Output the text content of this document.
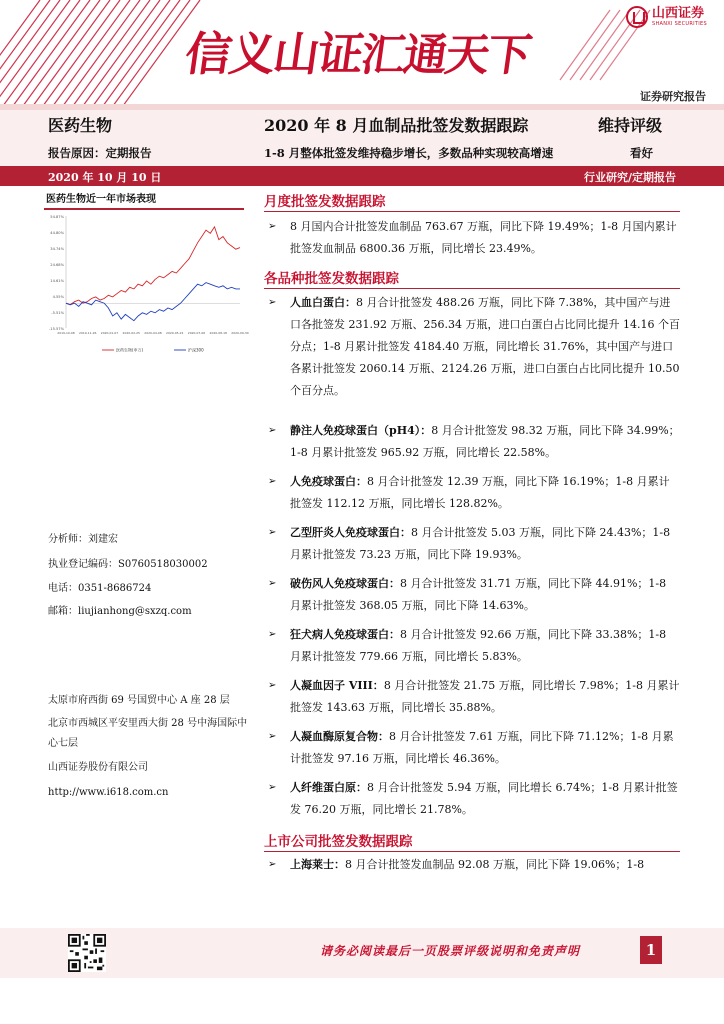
信义山证汇通天下
山西证券
SHANXI SECURITIES
证券研究报告
医药生物	2020 年 8 月血制品批签发数据跟踪	维持评级
报告原因：定期报告	1-8 月整体批签发维持稳步增长，多数品种实现较高增速	看好
2020 年 10 月 10 日	行业研究/定期报告
医药生物近一年市场表现
54.87%
44.80%
34.74%
24.68%
14.61%
4.55%
-5.51%
-15.57%
2019-10-08 2019-11-26 2020-01-07 2020-02-25 2020-04-08 2020-05-22 2020-07-06 2020-08-18 2020-09-30
医药生物(申万)	沪深300
分析师：刘建宏
执业登记编码：S0760518030002
电话：0351-8686724
邮箱：liujianhong@sxzq.com
太原市府西街 69 号国贸中心 A 座 28 层
北京市西城区平安里西大街 28 号中海国际中心七层
山西证券股份有限公司
http://www.i618.com.cn
月度批签发数据跟踪
➢	8 月国内合计批签发血制品 763.67 万瓶，同比下降 19.49%；1-8 月国内累计批签发血制品 6800.36 万瓶，同比增长 23.49%。
各品种批签发数据跟踪
➢	人血白蛋白：8 月合计批签发 488.26 万瓶，同比下降 7.38%，其中国产与进口各批签发 231.92 万瓶、256.34 万瓶，进口白蛋白占比同比提升 14.16 个百分点；1-8 月累计批签发 4184.40 万瓶，同比增长 31.76%，其中国产与进口各累计批签发 2060.14 万瓶、2124.26 万瓶，进口白蛋白占比同比提升 10.50 个百分点。
➢	静注人免疫球蛋白（pH4）：8 月合计批签发 98.32 万瓶，同比下降 34.99%；1-8 月累计批签发 965.92 万瓶，同比增长 22.58%。
➢	人免疫球蛋白：8 月合计批签发 12.39 万瓶，同比下降 16.19%；1-8 月累计批签发 112.12 万瓶，同比增长 128.82%。
➢	乙型肝炎人免疫球蛋白：8 月合计批签发 5.03 万瓶，同比下降 24.43%；1-8 月累计批签发 73.23 万瓶，同比下降 19.93%。
➢	破伤风人免疫球蛋白：8 月合计批签发 31.71 万瓶，同比下降 44.91%；1-8 月累计批签发 368.05 万瓶，同比下降 14.63%。
➢	狂犬病人免疫球蛋白：8 月合计批签发 92.66 万瓶，同比下降 33.38%；1-8 月累计批签发 779.66 万瓶，同比增长 5.83%。
➢	人凝血因子 VIII：8 月合计批签发 21.75 万瓶，同比增长 7.98%；1-8 月累计批签发 143.63 万瓶，同比增长 35.88%。
➢	人凝血酶原复合物：8 月合计批签发 7.61 万瓶，同比下降 71.12%；1-8 月累计批签发 97.16 万瓶，同比增长 46.36%。
➢	人纤维蛋白原：8 月合计批签发 5.94 万瓶，同比增长 6.74%；1-8 月累计批签发 76.20 万瓶，同比增长 21.78%。
上市公司批签发数据跟踪
➢	上海莱士：8 月合计批签发血制品 92.08 万瓶，同比下降 19.06%；1-8
请务必阅读最后一页股票评级说明和免责声明	1
